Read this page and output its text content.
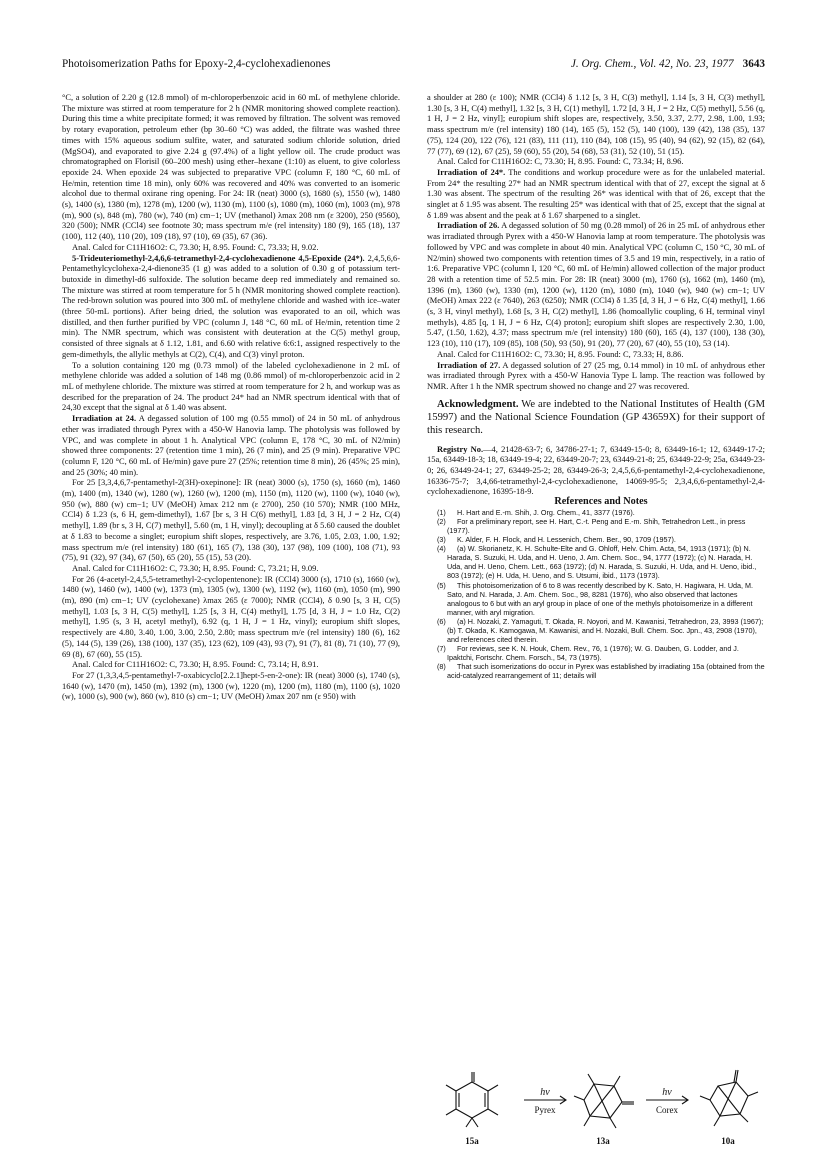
Photoisomerization Paths for Epoxy-2,4-cyclohexadienones	J. Org. Chem., Vol. 42, No. 23, 1977 3643

°C, a solution of 2.20 g (12.8 mmol) of m-chloroperbenzoic acid in 60 mL of methylene chloride. The mixture was stirred at room temperature for 2 h (NMR monitoring showed complete reaction). During this time a white precipitate formed; it was removed by filtration. The solvent was removed by rotary evaporation, petroleum ether (bp 30–60 °C) was added, the filtrate was washed three times with 15% aqueous sodium sulfite, water, and saturated sodium chloride solution, dried (MgSO4), and evaporated to give 2.24 g (97.4%) of a light yellow oil. The crude product was chromatographed on Florisil (60–200 mesh) using ether–hexane (1:10) as eluent, to give colorless epoxide 24. When epoxide 24 was subjected to preparative VPC (column F, 180 °C, 60 mL of He/min, retention time 18 min), only 60% was recovered and 40% was converted to an isomeric alcohol due to thermal oxirane ring opening. For 24: IR (neat) 3000 (s), 1680 (s), 1550 (w), 1480 (s), 1400 (s), 1380 (m), 1278 (m), 1200 (w), 1130 (m), 1100 (s), 1080 (m), 1060 (m), 1003 (m), 978 (m), 900 (s), 848 (m), 780 (w), 740 (m) cm−1; UV (methanol) λmax 208 nm (ε 3200), 250 (9560), 320 (500); NMR (CCl4) see footnote 30; mass spectrum m/e (rel intensity) 180 (9), 165 (18), 137 (100), 112 (40), 110 (20), 109 (18), 97 (10), 69 (35), 67 (36).

Anal. Calcd for C11H16O2: C, 73.30; H, 8.95. Found: C, 73.33; H, 9.02.

5-Trideuteriomethyl-2,4,6,6-tetramethyl-2,4-cyclohexadienone 4,5-Epoxide (24*). 2,4,5,6,6-Pentamethylcyclohexa-2,4-dienone35 (1 g) was added to a solution of 0.30 g of potassium tert-butoxide in dimethyl-d6 sulfoxide. The solution became deep red immediately and remained so. The mixture was stirred at room temperature for 5 h (NMR monitoring showed complete reaction). The red-brown solution was poured into 300 mL of methylene chloride and washed with ice–water (three 50-mL portions). After being dried, the solution was evaporated to an oil, which was distilled, and then further purified by VPC (column J, 148 °C, 60 mL of He/min, retention time 2 min). The NMR spectrum, which was consistent with deuteration at the C(5) methyl group, consisted of three signals at δ 1.12, 1.81, and 6.60 with relative 6:6:1, assigned respectively to the gem-dimethyls, the allylic methyls at C(2), C(4), and C(3) vinyl proton.

To a solution containing 120 mg (0.73 mmol) of the labeled cyclohexadienone in 2 mL of methylene chloride was added a solution of 148 mg (0.86 mmol) of m-chloroperbenzoic acid in 2 mL of methylene chloride. The mixture was stirred at room temperature for 2 h, and workup was as described for the preparation of 24. The product 24* had an NMR spectrum identical with that of 24,30 except that the signal at δ 1.40 was absent.

Irradiation at 24. A degassed solution of 100 mg (0.55 mmol) of 24 in 50 mL of anhydrous ether was irradiated through Pyrex with a 450-W Hanovia lamp. The photolysis was followed by VPC, and was complete in about 1 h. Analytical VPC (column E, 178 °C, 30 mL of N2/min) showed three components: 27 (retention time 1 min), 26 (7 min), and 25 (9 min). Preparative VPC (column F, 120 °C, 60 mL of He/min) gave pure 27 (25%; retention time 8 min), 26 (45%; 25 min), and 25 (30%; 40 min).

For 25 [3,3,4,6,7-pentamethyl-2(3H)-oxepinone]: IR (neat) 3000 (s), 1750 (s), 1660 (m), 1460 (m), 1400 (m), 1340 (w), 1280 (w), 1260 (w), 1200 (m), 1150 (m), 1120 (w), 1100 (w), 1040 (w), 950 (w), 880 (w) cm−1; UV (MeOH) λmax 212 nm (ε 2700), 250 (10 570); NMR (100 MHz, CCl4) δ 1.23 (s, 6 H, gem-dimethyl), 1.67 [br s, 3 H C(6) methyl], 1.83 [d, 3 H, J = 2 Hz, C(4) methyl], 1.89 (br s, 3 H, C(7) methyl], 5.60 (m, 1 H, vinyl); decoupling at δ 5.60 caused the doublet at δ 1.83 to become a singlet; europium shift slopes, respectively, are 3.76, 1.05, 2.03, 1.00, 1.92; mass spectrum m/e (rel intensity) 180 (61), 165 (7), 138 (30), 137 (98), 109 (100), 108 (71), 93 (75), 91 (32), 97 (34), 67 (50), 65 (20), 55 (15), 53 (20).

Anal. Calcd for C11H16O2: C, 73.30; H, 8.95. Found: C, 73.21; H, 9.09.

For 26 (4-acetyl-2,4,5,5-tetramethyl-2-cyclopentenone): IR (CCl4) 3000 (s), 1710 (s), 1660 (w), 1480 (w), 1460 (w), 1400 (w), 1373 (m), 1305 (w), 1300 (w), 1192 (w), 1160 (m), 1050 (m), 990 (m), 890 (m) cm−1; UV (cyclohexane) λmax 265 (ε 7000); NMR (CCl4), δ 0.90 [s, 3 H, C(5) methyl], 1.03 [s, 3 H, C(5) methyl], 1.25 [s, 3 H, C(4) methyl], 1.75 [d, 3 H, J = 1.0 Hz, C(2) methyl], 1.95 (s, 3 H, acetyl methyl), 6.92 (q, 1 H, J = 1 Hz, vinyl); europium shift slopes, respectively are 4.80, 3.40, 1.00, 3.00, 2.50, 2.80; mass spectrum m/e (rel intensity) 180 (6), 162 (5), 144 (5), 139 (26), 138 (100), 137 (35), 123 (62), 109 (43), 93 (7), 91 (7), 81 (8), 71 (10), 77 (9), 69 (8), 67 (60), 55 (15).

Anal. Calcd for C11H16O2: C, 73.30; H, 8.95. Found: C, 73.14; H, 8.91.

For 27 (1,3,3,4,5-pentamethyl-7-oxabicyclo[2.2.1]hept-5-en-2-one): IR (neat) 3000 (s), 1740 (s), 1640 (w), 1470 (m), 1450 (m), 1392 (m), 1300 (w), 1220 (m), 1200 (m), 1180 (m), 1100 (s), 1020 (w), 1000 (s), 900 (w), 860 (w), 810 (s) cm−1; UV (MeOH) λmax 207 nm (ε 950) with

a shoulder at 280 (ε 100); NMR (CCl4) δ 1.12 [s, 3 H, C(3) methyl], 1.14 [s, 3 H, C(3) methyl], 1.30 [s, 3 H, C(4) methyl], 1.32 [s, 3 H, C(1) methyl], 1.72 [d, 3 H, J = 2 Hz, C(5) methyl], 5.56 (q, 1 H, J = 2 Hz, vinyl]; europium shift slopes are, respectively, 3.50, 3.37, 2.77, 2.98, 1.00, 1.93; mass spectrum m/e (rel intensity) 180 (14), 165 (5), 152 (5), 140 (100), 139 (42), 138 (35), 137 (75), 124 (20), 122 (76), 121 (83), 111 (11), 110 (84), 108 (15), 95 (40), 94 (62), 92 (15), 82 (64), 77 (77), 69 (12), 67 (25), 59 (60), 55 (20), 54 (68), 53 (31), 52 (10), 51 (15).

Anal. Calcd for C11H16O2: C, 73.30; H, 8.95. Found: C, 73.34; H, 8.96.

Irradiation of 24*. The conditions and workup procedure were as for the unlabeled material. From 24* the resulting 27* had an NMR spectrum identical with that of 27, except the signal at δ 1.30 was absent. The spectrum of the resulting 26* was identical with that of 26, except that the singlet at δ 1.95 was absent. The resulting 25* was identical with that of 25, except that the signal at δ 1.89 was absent and the peak at δ 1.67 sharpened to a singlet.

Irradiation of 26. A degassed solution of 50 mg (0.28 mmol) of 26 in 25 mL of anhydrous ether was irradiated through Pyrex with a 450-W Hanovia lamp at room temperature. The photolysis was followed by VPC and was complete in about 40 min. Analytical VPC (column C, 150 °C, 30 mL of N2/min) showed two components with retention times of 3.5 and 19 min, respectively, in a ratio of 1:6. Preparative VPC (column I, 120 °C, 60 mL of He/min) allowed collection of the major product 28 with a retention time of 52.5 min. For 28: IR (neat) 3000 (m), 1760 (s), 1662 (m), 1460 (m), 1396 (m), 1360 (w), 1330 (m), 1200 (w), 1120 (m), 1080 (m), 1040 (w), 940 (w) cm−1; UV (MeOH) λmax 222 (ε 7640), 263 (6250); NMR (CCl4) δ 1.35 [d, 3 H, J = 6 Hz, C(4) methyl], 1.66 (s, 3 H, vinyl methyl), 1.68 [s, 3 H, C(2) methyl], 1.86 (homoallylic coupling, 6 H, terminal vinyl methyls), 4.85 [q, 1 H, J = 6 Hz, C(4) proton]; europium shift slopes are respectively 2.30, 1.00, 5.47, (1.50, 1.62), 4.37; mass spectrum m/e (rel intensity) 180 (60), 165 (4), 137 (100), 138 (30), 123 (10), 110 (17), 109 (85), 108 (50), 93 (50), 91 (20), 77 (20), 67 (40), 55 (10), 53 (14).

Anal. Calcd for C11H16O2: C, 73.30; H, 8.95. Found: C, 73.33; H, 8.86.

Irradiation of 27. A degassed solution of 27 (25 mg, 0.14 mmol) in 10 mL of anhydrous ether was irradiated through Pyrex with a 450-W Hanovia Type L lamp. The reaction was followed by NMR. After 1 h the NMR spectrum showed no change and 27 was recovered.

Acknowledgment. We are indebted to the National Institutes of Health (GM 15997) and the National Science Foundation (GP 43659X) for their support of this research.

Registry No.—4, 21428-63-7; 6, 34786-27-1; 7, 63449-15-0; 8, 63449-16-1; 12, 63449-17-2; 15a, 63449-18-3; 18, 63449-19-4; 22, 63449-20-7; 23, 63449-21-8; 25, 63449-22-9; 25a, 63449-23-0; 26, 63449-24-1; 27, 63449-25-2; 28, 63449-26-3; 2,4,5,6,6-pentamethyl-2,4-cyclohexadienone, 16336-75-7; 3,4,66-tetramethyl-2,4-cyclohexadienone, 14069-95-5; 2,3,4,6,6-pentamethyl-2,4-cyclohexadienone, 16395-18-9.

References and Notes

(1) H. Hart and E.-m. Shih, J. Org. Chem., 41, 3377 (1976).

(2) For a preliminary report, see H. Hart, C.-t. Peng and E.-m. Shih, Tetrahedron Lett., in press (1977).

(3) K. Alder, F. H. Flock, and H. Lessenich, Chem. Ber., 90, 1709 (1957).

(4) (a) W. Skorianetz, K. H. Schulte-Elte and G. Ohloff, Helv. Chim. Acta, 54, 1913 (1971); (b) N. Harada, S. Suzuki, H. Uda, and H. Ueno, J. Am. Chem. Soc., 94, 1777 (1972); (c) N. Harada, H. Uda, and H. Ueno, Chem. Lett., 663 (1972); (d) N. Harada, S. Suzuki, H. Uda, and H. Ueno, ibid., 803 (1972); (e) H. Uda, H. Ueno, and S. Utsumi, ibid., 1173 (1973).

(5) This photoisomerization of 6 to 8 was recently described by K. Sato, H. Hagiwara, H. Uda, M. Sato, and N. Harada, J. Am. Chem. Soc., 98, 8281 (1976), who also observed that lactones analogous to 6 but with an aryl group in place of one of the methyls photoisomerize in a different manner, with aryl migration.

(6) (a) H. Nozaki, Z. Yamaguti, T. Okada, R. Noyori, and M. Kawanisi, Tetrahedron, 23, 3993 (1967); (b) T. Okada, K. Kamogawa, M. Kawanisi, and H. Nozaki, Bull. Chem. Soc. Jpn., 43, 2908 (1970), and references cited therein.

(7) For reviews, see K. N. Houk, Chem. Rev., 76, 1 (1976); W. G. Dauben, G. Lodder, and J. Ipaktchi, Fortschr. Chem. Forsch., 54, 73 (1975).

(8) That such isomerizations do occur in Pyrex was established by irradiating 15a (obtained from the acid-catalyzed rearrangement of 11; details will

hν
Pyrex
hν
Corex
15a	13a	10a
